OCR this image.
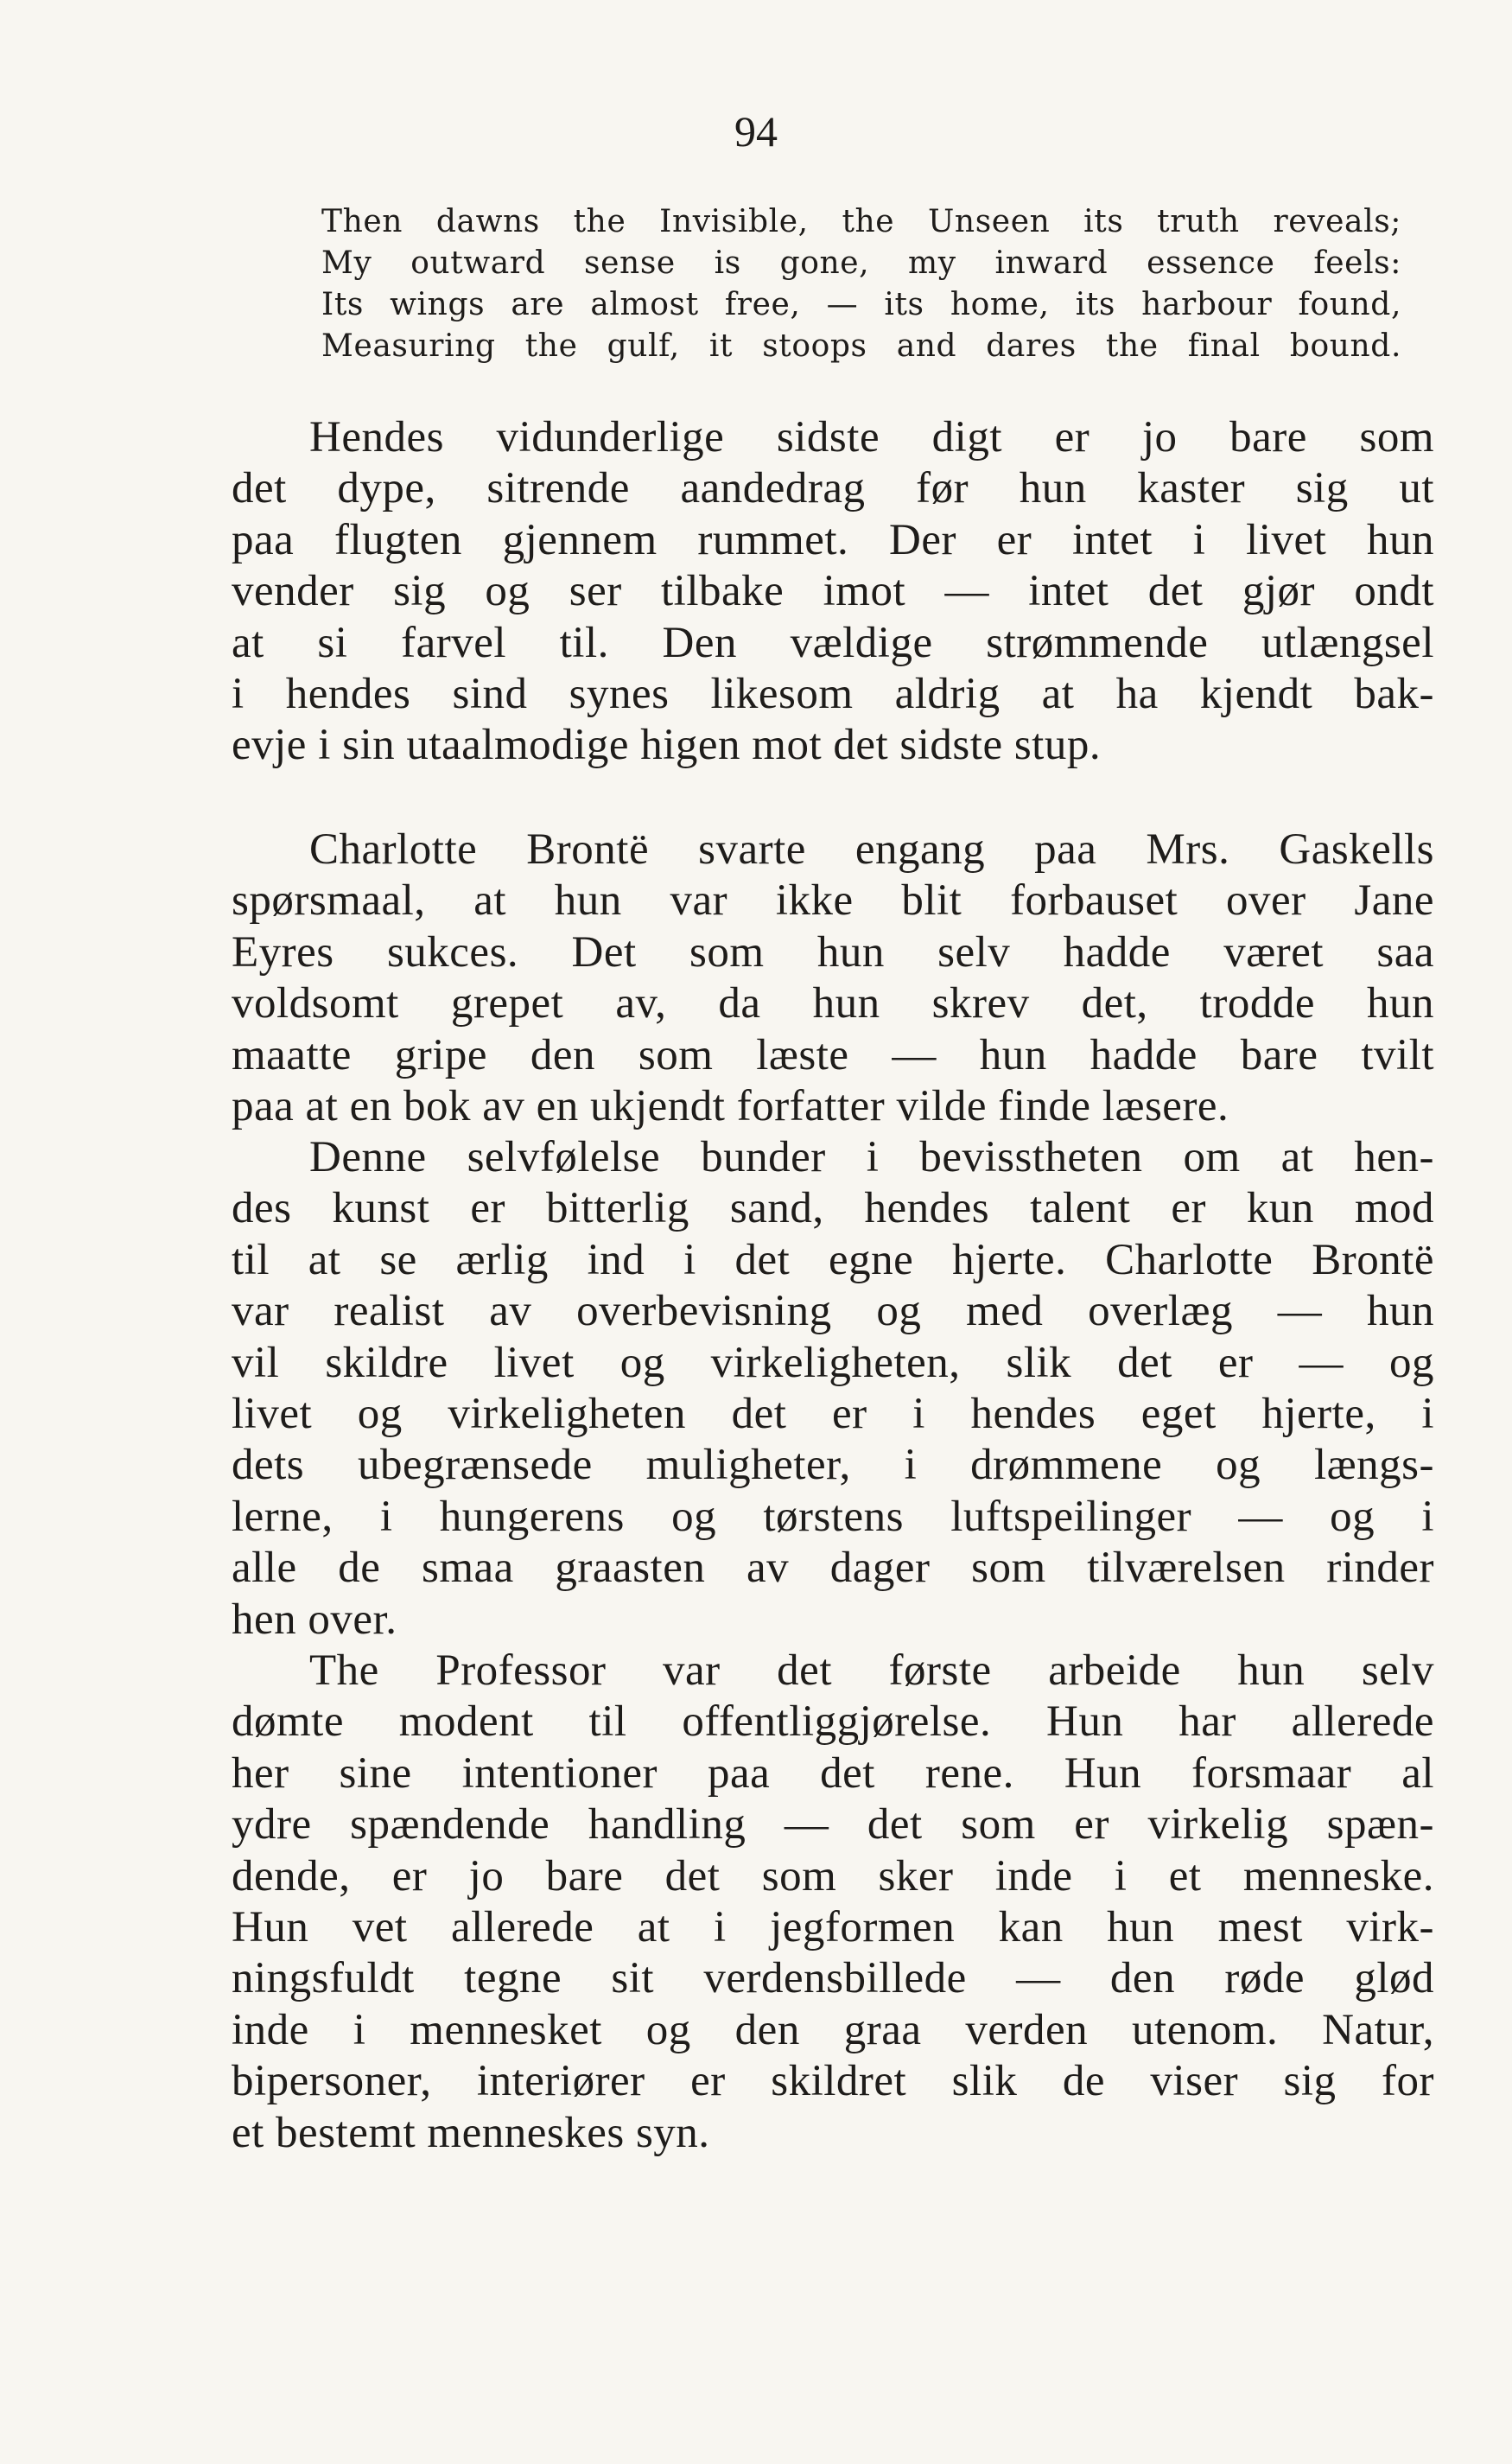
94
Then dawns the Invisible, the Unseen its truth reveals;
My outward sense is gone, my inward essence feels:
Its wings are almost free, — its home, its harbour found,
Measuring the gulf, it stoops and dares the final bound.
Hendes vidunderlige sidste digt er jo bare som
det dype, sitrende aandedrag før hun kaster sig ut
paa flugten gjennem rummet. Der er intet i livet hun
vender sig og ser tilbake imot — intet det gjør ondt
at si farvel til. Den vældige strømmende utlængsel
i hendes sind synes likesom aldrig at ha kjendt bak-
evje i sin utaalmodige higen mot det sidste stup.
Charlotte Brontë svarte engang paa Mrs. Gaskells
spørsmaal, at hun var ikke blit forbauset over Jane
Eyres sukces. Det som hun selv hadde været saa
voldsomt grepet av, da hun skrev det, trodde hun
maatte gripe den som læste — hun hadde bare tvilt
paa at en bok av en ukjendt forfatter vilde finde læsere.
Denne selvfølelse bunder i bevisstheten om at hen-
des kunst er bitterlig sand, hendes talent er kun mod
til at se ærlig ind i det egne hjerte. Charlotte Brontë
var realist av overbevisning og med overlæg — hun
vil skildre livet og virkeligheten, slik det er — og
livet og virkeligheten det er i hendes eget hjerte, i
dets ubegrænsede muligheter, i drømmene og længs-
lerne, i hungerens og tørstens luftspeilinger — og i
alle de smaa graasten av dager som tilværelsen rinder
hen over.
The Professor var det første arbeide hun selv
dømte modent til offentliggjørelse. Hun har allerede
her sine intentioner paa det rene. Hun forsmaar al
ydre spændende handling — det som er virkelig spæn-
dende, er jo bare det som sker inde i et menneske.
Hun vet allerede at i jegformen kan hun mest virk-
ningsfuldt tegne sit verdensbillede — den røde glød
inde i mennesket og den graa verden utenom. Natur,
bipersoner, interiører er skildret slik de viser sig for
et bestemt menneskes syn.
